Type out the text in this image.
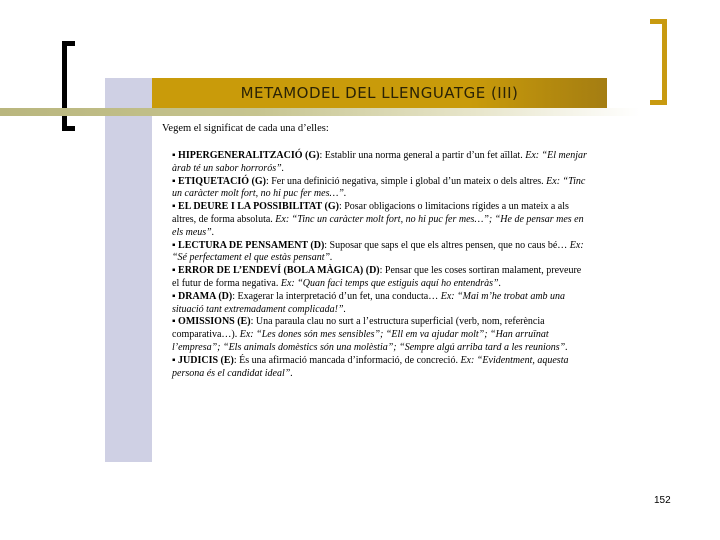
METAMODEL DEL LLENGUATGE (III)
Vegem el significat de cada una d’elles:
▪ HIPERGENERALITZACIÓ (G): Establir una norma general a partir d’un fet aïllat. Ex: “El menjar àrab té un sabor horrorós”.
▪ ETIQUETACIÓ (G): Fer una definició negativa, simple i global d’un mateix o dels altres. Ex: “Tinc un caràcter molt fort, no hi puc fer mes…”.
▪ EL DEURE I LA POSSIBILITAT (G): Posar obligacions o limitacions rígides a un mateix a als altres, de forma absoluta. Ex: “Tinc un caràcter molt fort, no hi puc fer mes…”; “He de pensar mes en els meus”.
▪ LECTURA DE PENSAMENT (D): Suposar que saps el que els altres pensen, que no caus bé… Ex: “Sé perfectament el que estàs pensant”.
▪ ERROR DE L’ENDEVÍ (BOLA MÀGICA) (D): Pensar que les coses sortiran malament, preveure el futur de forma negativa. Ex: “Quan faci temps que estiguis aquí ho entendràs”.
▪ DRAMA (D): Exagerar la interpretació d’un fet, una conducta… Ex: “Mai m’he trobat amb una situació tant extremadament complicada!”.
▪ OMISSIONS (E): Una paraula clau no surt a l’estructura superficial (verb, nom, referència comparativa…). Ex: “Les dones són mes sensibles”; “Ell em va ajudar molt”; “Han arruïnat l’empresa”; “Els animals domèstics són una molèstia”; “Sempre algú arriba tard a les reunions”.
▪ JUDICIS (E): És una afirmació mancada d’informació, de concreció. Ex: “Evidentment, aquesta persona és el candidat ideal”.
152
